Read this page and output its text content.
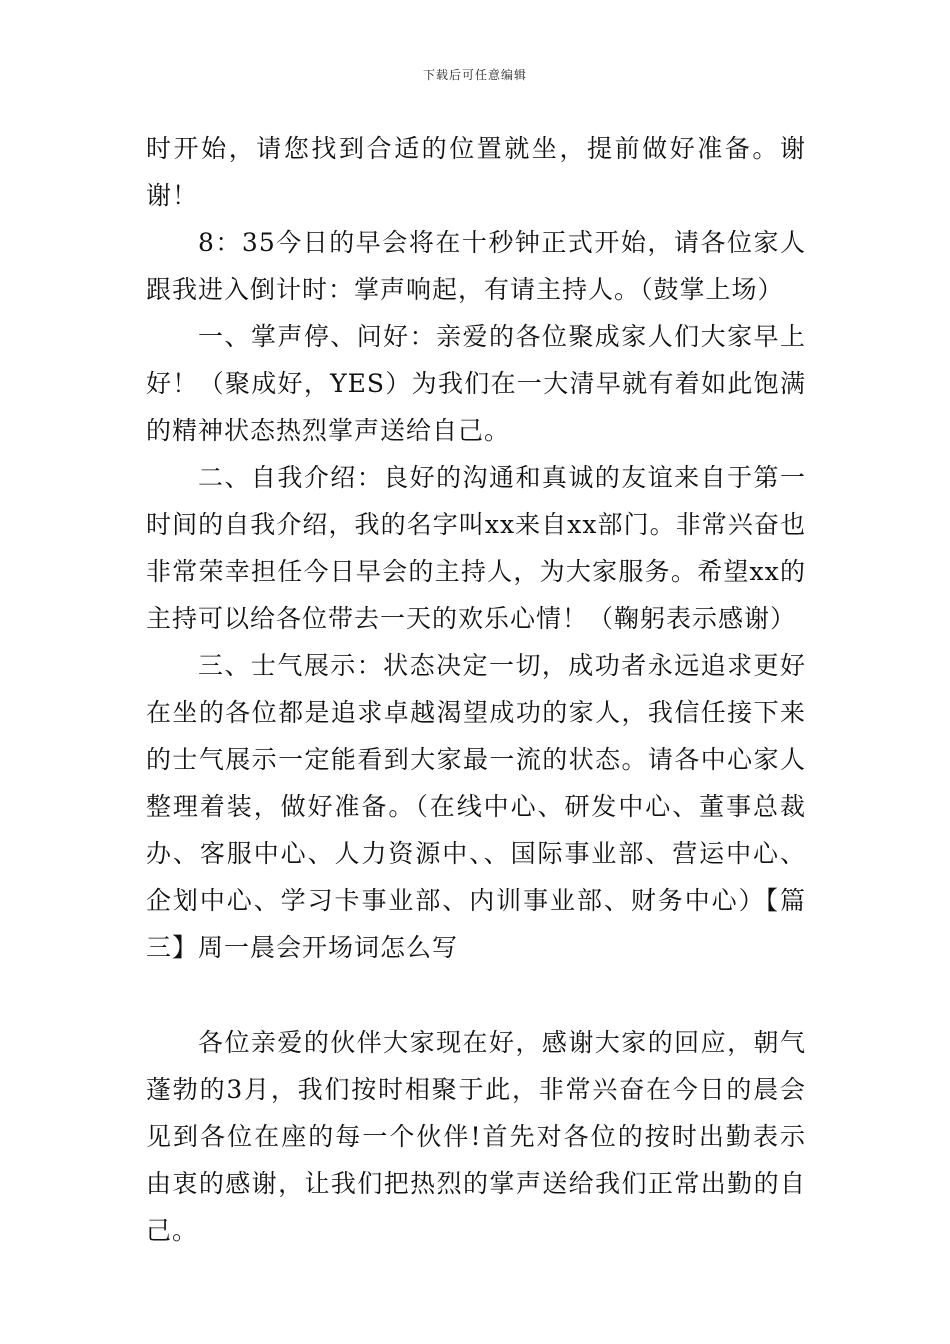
下载后可任意编辑

时开始，请您找到合适的位置就坐，提前做好准备。谢谢！

8：35今日的早会将在十秒钟正式开始，请各位家人跟我进入倒计时：掌声响起，有请主持人。（鼓掌上场）

一、掌声停、问好：亲爱的各位聚成家人们大家早上好！（聚成好，YES）为我们在一大清早就有着如此饱满的精神状态热烈掌声送给自己。

二、自我介绍：良好的沟通和真诚的友谊来自于第一时间的自我介绍，我的名字叫xx来自xx部门。非常兴奋也非常荣幸担任今日早会的主持人，为大家服务。希望xx的主持可以给各位带去一天的欢乐心情！（鞠躬表示感谢）

三、士气展示：状态决定一切，成功者永远追求更好在坐的各位都是追求卓越渴望成功的家人，我信任接下来的士气展示一定能看到大家最一流的状态。请各中心家人整理着装，做好准备。（在线中心、研发中心、董事总裁办、客服中心、人力资源中、、国际事业部、营运中心、企划中心、学习卡事业部、内训事业部、财务中心）【篇三】周一晨会开场词怎么写

各位亲爱的伙伴大家现在好，感谢大家的回应，朝气蓬勃的3月，我们按时相聚于此，非常兴奋在今日的晨会见到各位在座的每一个伙伴!首先对各位的按时出勤表示由衷的感谢，让我们把热烈的掌声送给我们正常出勤的自己。
